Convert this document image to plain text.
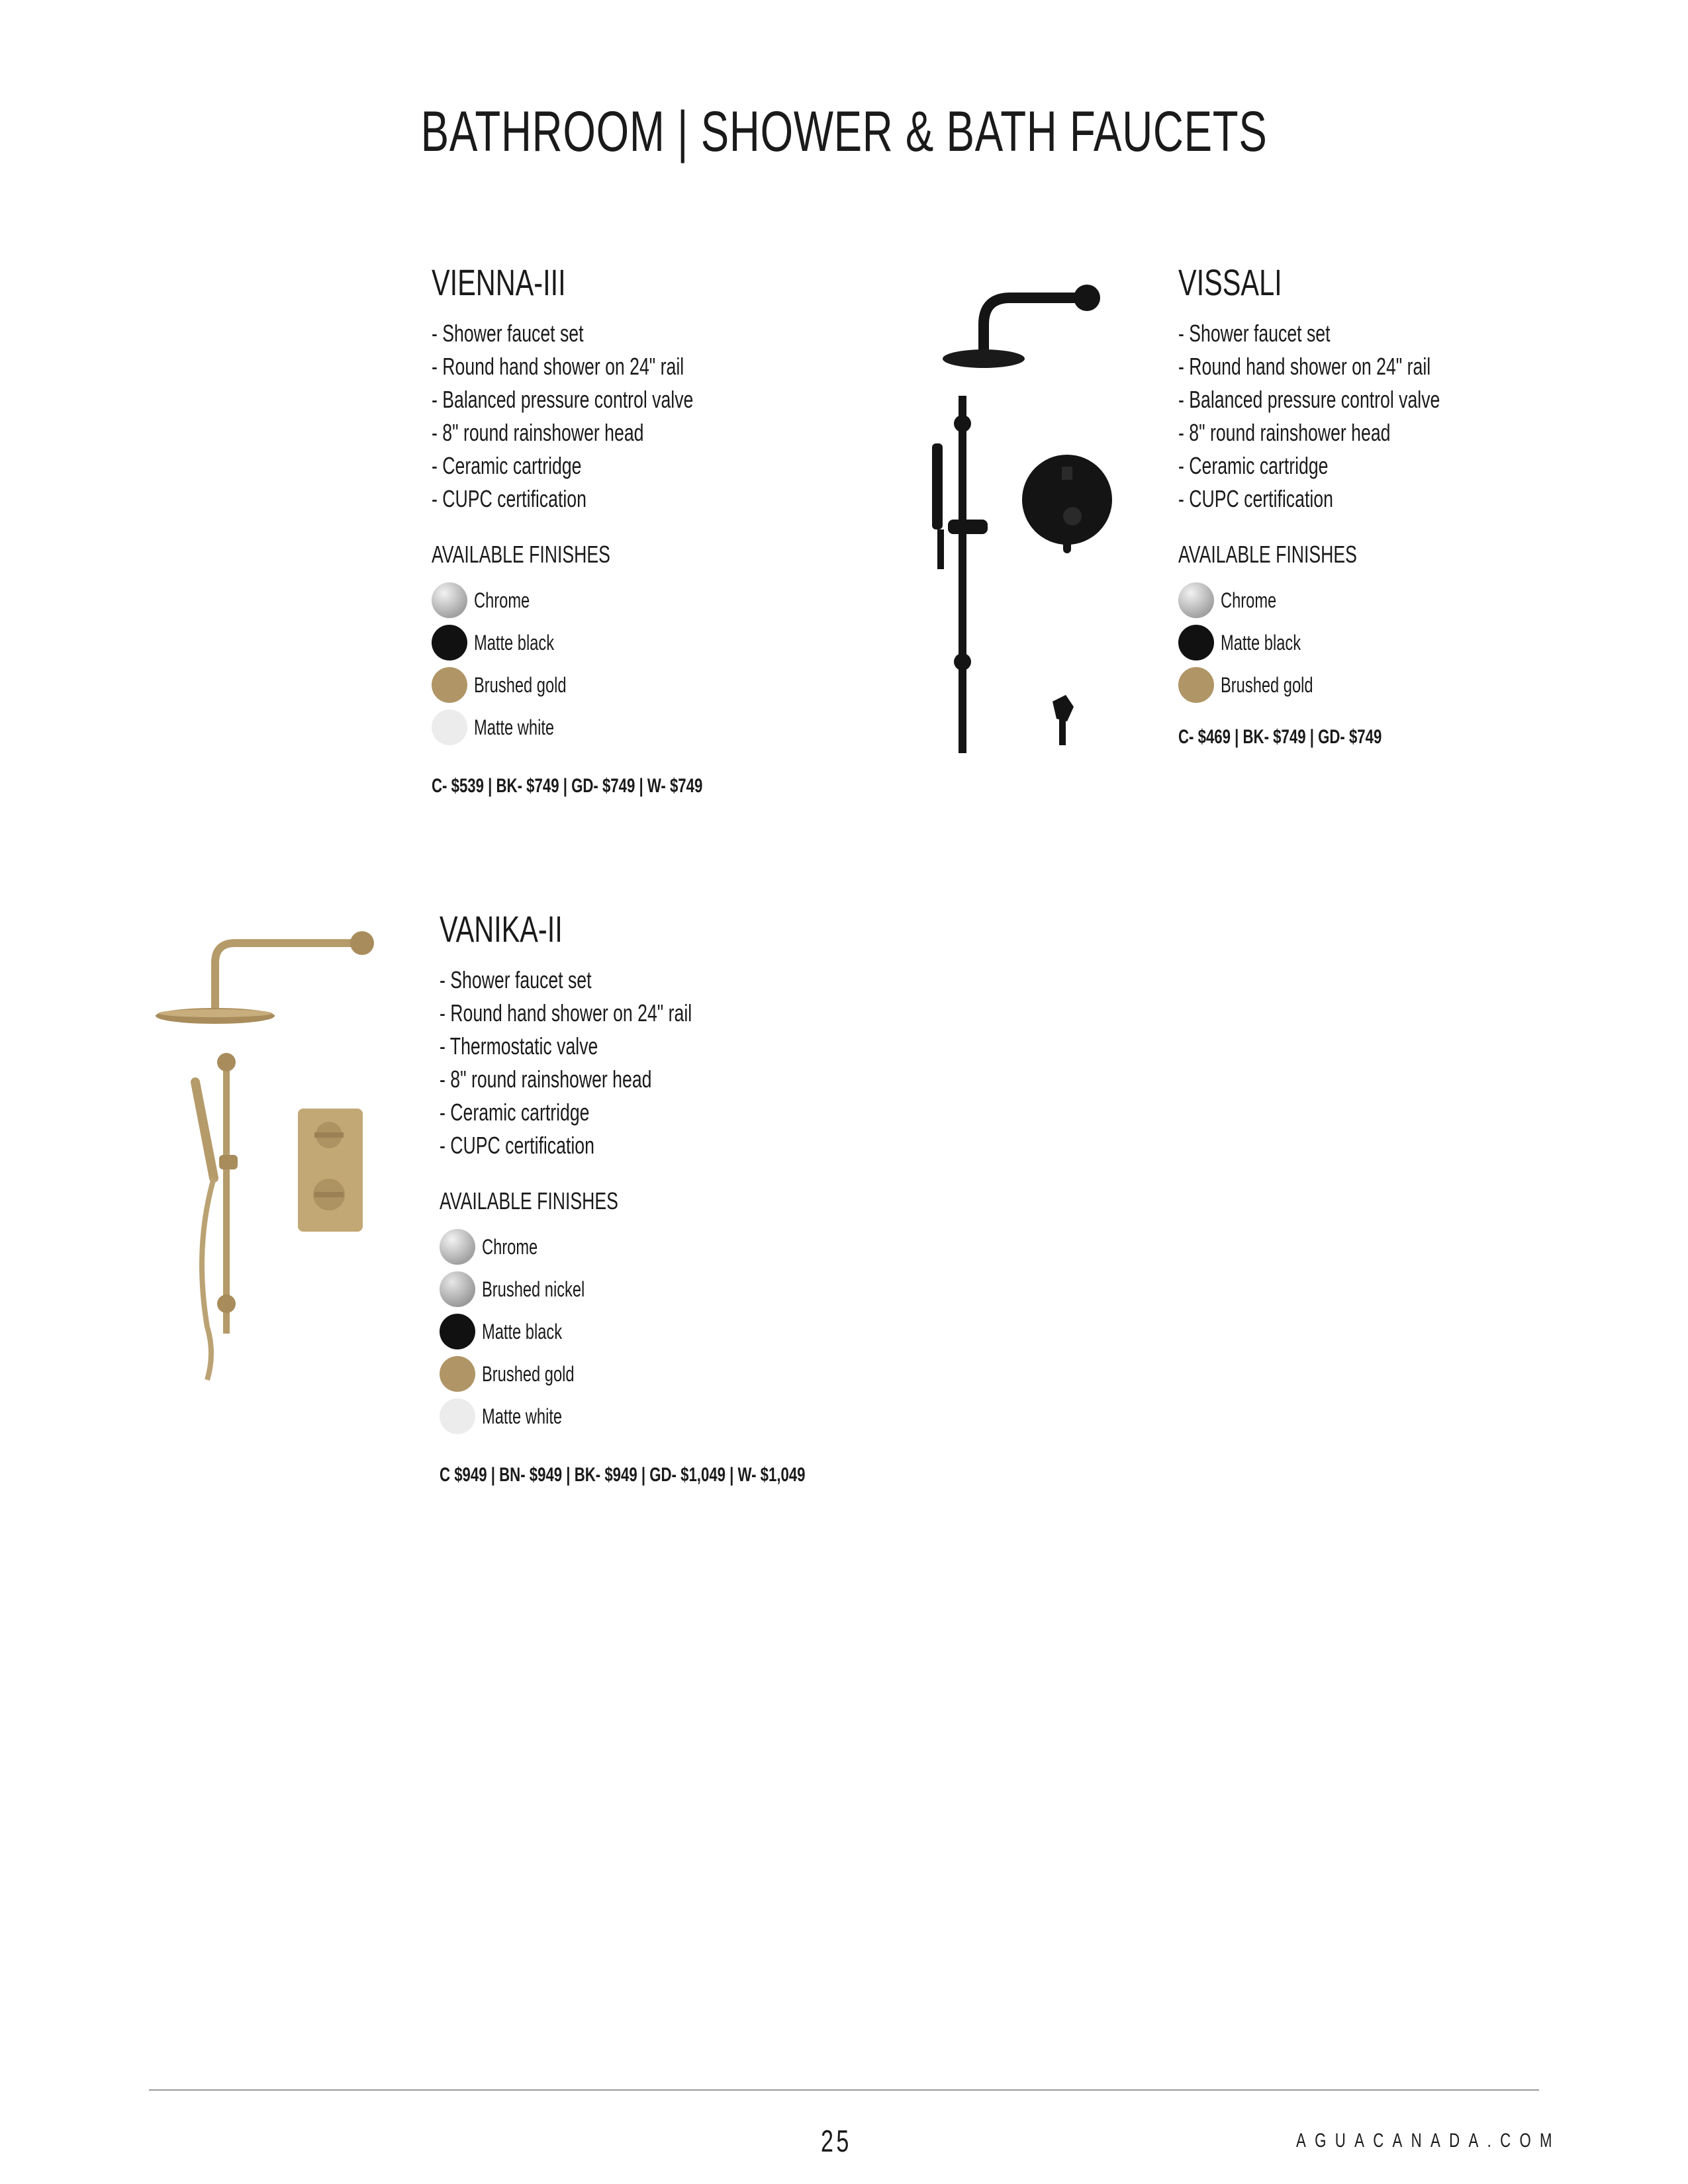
BATHROOM | SHOWER & BATH FAUCETS
VIENNA-III
- Shower faucet set
- Round hand shower on 24" rail
- Balanced pressure control valve
- 8" round rainshower head
- Ceramic cartridge
- CUPC certification
AVAILABLE FINISHES
Chrome
Matte black
Brushed gold
Matte white
C- $539 | BK- $749 | GD- $749 | W- $749
VISSALI
- Shower faucet set
- Round hand shower on 24" rail
- Balanced pressure control valve
- 8" round rainshower head
- Ceramic cartridge
- CUPC certification
AVAILABLE FINISHES
Chrome
Matte black
Brushed gold
C- $469 | BK- $749 | GD- $749
VANIKA-II
- Shower faucet set
- Round hand shower on 24" rail
- Thermostatic valve
- 8" round rainshower head
- Ceramic cartridge
- CUPC certification
AVAILABLE FINISHES
Chrome
Brushed nickel
Matte black
Brushed gold
Matte white
C $949 | BN- $949 | BK- $949 | GD- $1,049 | W- $1,049
25	AGUACANADA.COM
